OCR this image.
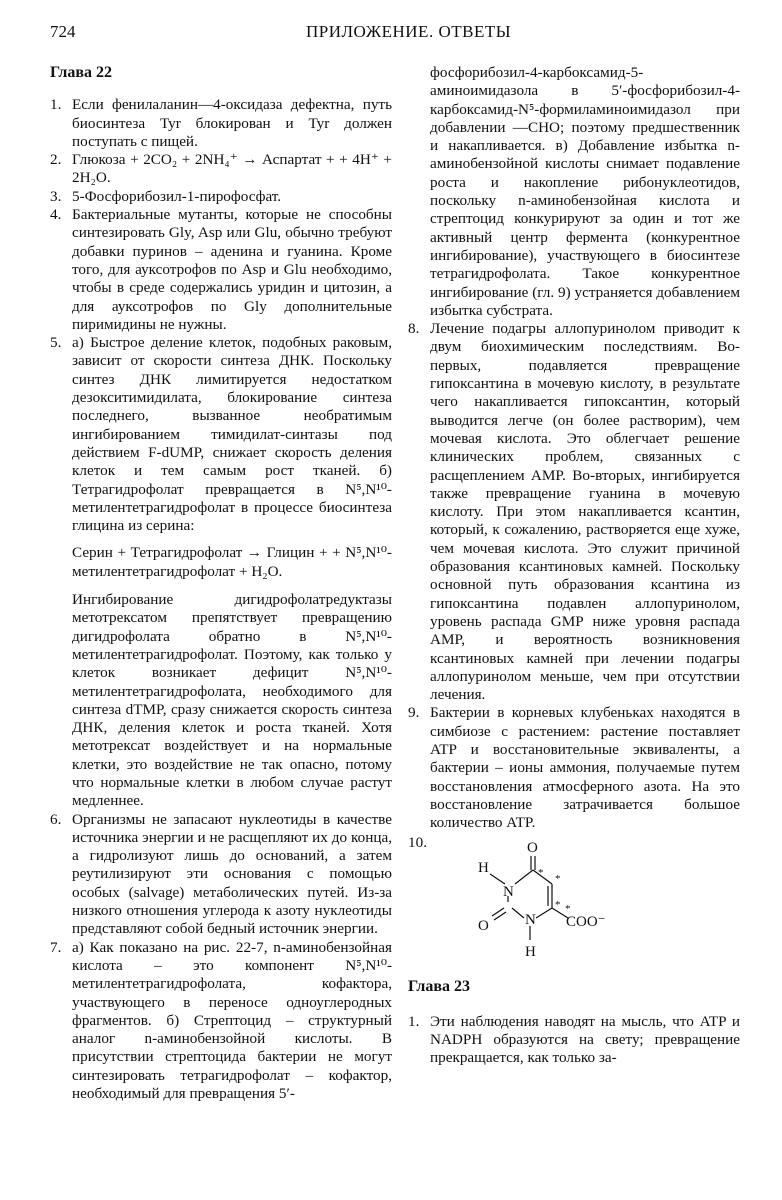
724	ПРИЛОЖЕНИЕ. ОТВЕТЫ
Глава 22
1. Если фенилаланин—4-оксидаза дефектна, путь биосинтеза Tyr блокирован и Tyr должен поступать с пищей.

2. Глюкоза + 2CO₂ + 2NH₄⁺ → Аспартат + + 4H⁺ + 2H₂O.

3. 5-Фосфорибозил-1-пирофосфат.

4. Бактериальные мутанты, которые не способны синтезировать Gly, Asp или Glu, обычно требуют добавки пуринов – аденина и гуанина. Кроме того, для ауксотрофов по Asp и Glu необходимо, чтобы в среде содержались уридин и цитозин, а для ауксотрофов по Gly дополнительные пиримидины не нужны.

5. а) Быстрое деление клеток, подобных раковым, зависит от скорости синтеза ДНК. Поскольку синтез ДНК лимитируется недостатком дезокситимидилата, блокирование синтеза последнего, вызванное необратимым ингибированием тимидилат-синтазы под действием F-dUMP, снижает скорость деления клеток и тем самым рост тканей. б) Тетрагидрофолат превращается в N⁵,N¹⁰-метилентетрагидрофолат в процессе биосинтеза глицина из серина:

Серин + Тетрагидрофолат → Глицин + + N⁵,N¹⁰-метилентетрагидрофолат + H₂O.

Ингибирование дигидрофолатредуктазы метотрексатом препятствует превращению дигидрофолата обратно в N⁵,N¹⁰-метилентетрагидрофолат. Поэтому, как только у клеток возникает дефицит N⁵,N¹⁰-метилентетрагидрофолата, необходимого для синтеза dTMP, сразу снижается скорость синтеза ДНК, деления клеток и роста тканей. Хотя метотрексат воздействует и на нормальные клетки, это воздействие не так опасно, потому что нормальные клетки в любом случае растут медленнее.

6. Организмы не запасают нуклеотиды в качестве источника энергии и не расщепляют их до конца, а гидролизуют лишь до оснований, а затем реутилизируют эти основания с помощью особых (salvage) метаболических путей. Из-за низкого отношения углерода к азоту нуклеотиды представляют собой бедный источник энергии.

7. а) Как показано на рис. 22-7, n-аминобензойная кислота – это компонент N⁵,N¹⁰-метилентетрагидрофолата, кофактора, участвующего в переносе одноуглеродных фрагментов. б) Стрептоцид – структурный аналог n-аминобензойной кислоты. В присутствии стрептоцида бактерии не могут синтезировать тетрагидрофолат – кофактор, необходимый для превращения 5′-

фосфорибозил-4-карбоксамид-5-аминоимидазола в 5′-фосфорибозил-4-карбоксамид-N⁵-формиламиноимидазол при добавлении —CHO; поэтому предшественник и накапливается. в) Добавление избытка n-аминобензойной кислоты снимает подавление роста и накопление рибонуклеотидов, поскольку n-аминобензойная кислота и стрептоцид конкурируют за один и тот же активный центр фермента (конкурентное ингибирование), участвующего в биосинтезе тетрагидрофолата. Такое конкурентное ингибирование (гл. 9) устраняется добавлением избытка субстрата.

8. Лечение подагры аллопуринолом приводит к двум биохимическим последствиям. Во-первых, подавляется превращение гипоксантина в мочевую кислоту, в результате чего накапливается гипоксантин, который выводится легче (он более растворим), чем мочевая кислота. Это облегчает решение клинических проблем, связанных с расщеплением AMP. Во-вторых, ингибируется также превращение гуанина в мочевую кислоту. При этом накапливается ксантин, который, к сожалению, растворяется еще хуже, чем мочевая кислота. Это служит причиной образования ксантиновых камней. Поскольку основной путь образования ксантина из гипоксантина подавлен аллопуринолом, уровень распада GMP ниже уровня распада AMP, и вероятность возникновения ксантиновых камней при лечении подагры аллопуринолом меньше, чем при отсутствии лечения.

9. Бактерии в корневых клубеньках находятся в симбиозе с растением: растение поставляет ATP и восстановительные эквиваленты, а бактерии – ионы аммония, получаемые путем восстановления атмосферного азота. На это восстановление затрачивается большое количество ATP.

10.	O
H
N
O N
H
COO⁻
* *
* *
Глава 23
1. Эти наблюдения наводят на мысль, что ATP и NADPH образуются на свету; превращение прекращается, как только за-
